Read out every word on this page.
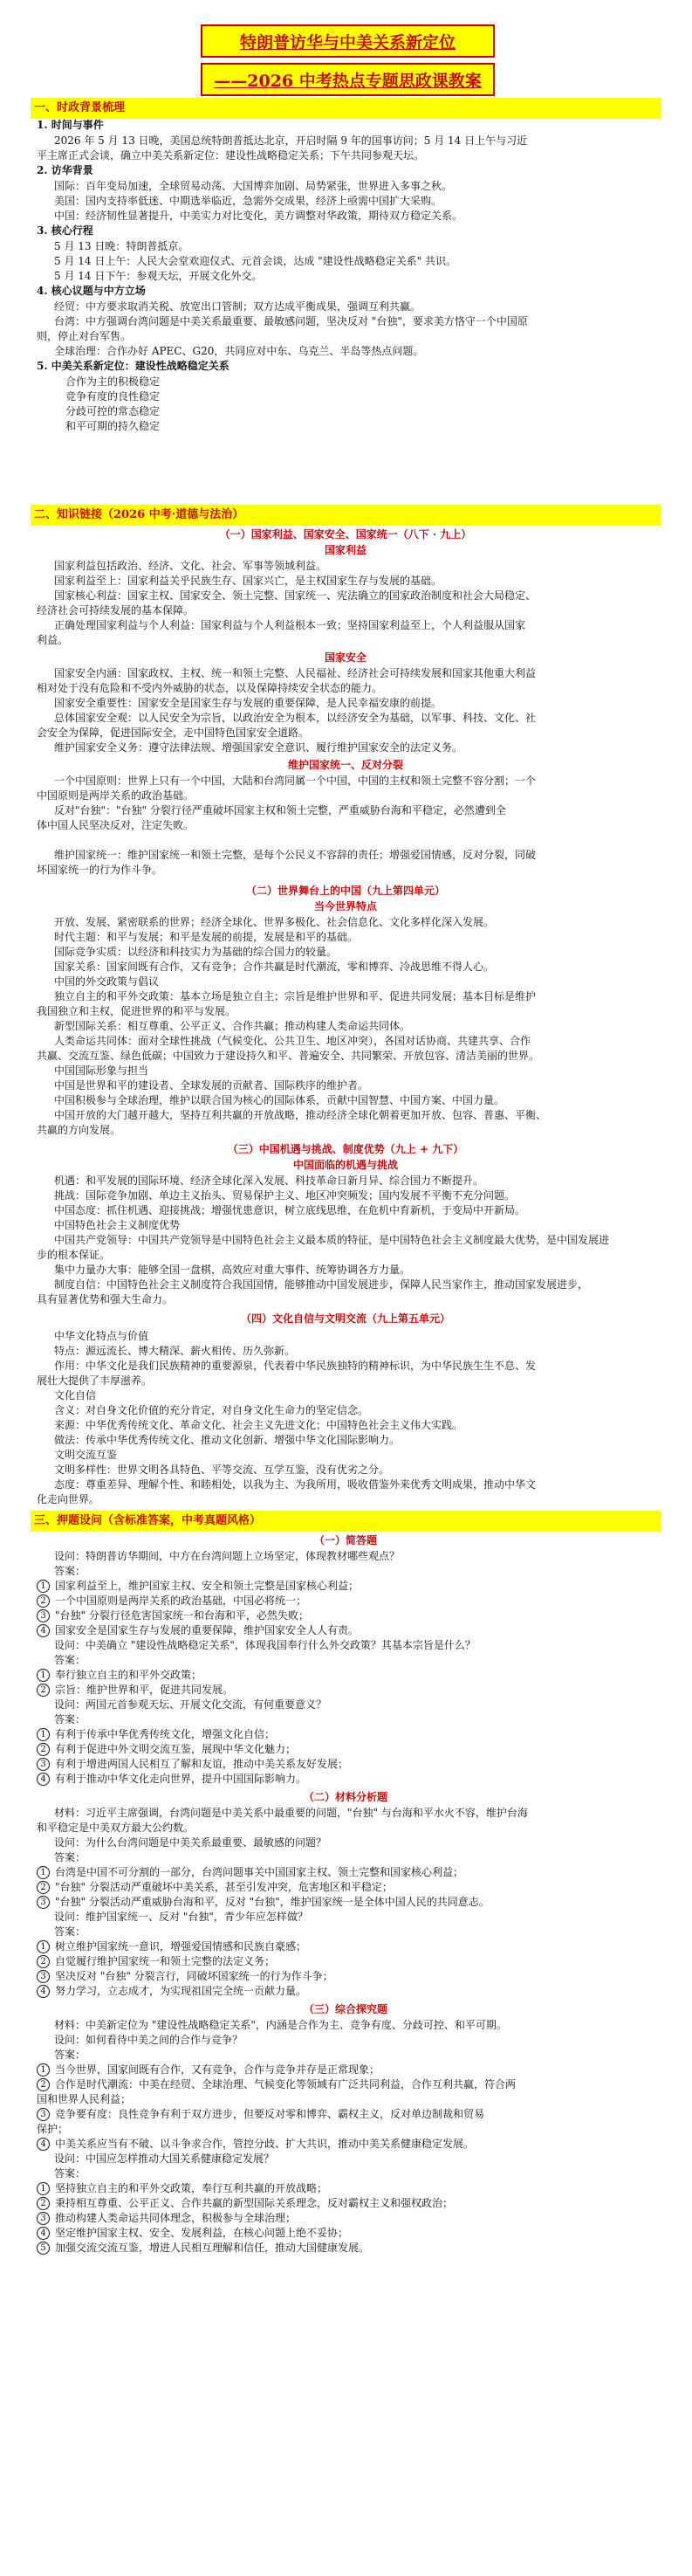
特朗普访华与中美关系新定位
——2026 中考热点专题思政课教案
一、时政背景梳理
1. 时间与事件
2026 年 5 月 13 日晚，美国总统特朗普抵达北京，开启时隔 9 年的国事访问；5 月 14 日上午与习近
平主席正式会谈，确立中美关系新定位：建设性战略稳定关系；下午共同参观天坛。
2. 访华背景
国际：百年变局加速，全球贸易动荡、大国博弈加剧、局势紧张，世界进入多事之秋。
美国：国内支持率低迷、中期选举临近，急需外交成果，经济上亟需中国扩大采购。
中国：经济韧性显著提升，中美实力对比变化，美方调整对华政策，期待双方稳定关系。
3. 核心行程
5 月 13 日晚：特朗普抵京。
5 月 14 日上午：人民大会堂欢迎仪式、元首会谈，达成 "建设性战略稳定关系" 共识。
5 月 14 日下午：参观天坛，开展文化外交。
4. 核心议题与中方立场
经贸：中方要求取消关税、放宽出口管制；双方达成平衡成果，强调互利共赢。
台湾：中方强调台湾问题是中美关系最重要、最敏感问题，坚决反对 "台独"，要求美方恪守一个中国原
则，停止对台军售。
全球治理：合作办好 APEC、G20，共同应对中东、乌克兰、半岛等热点问题。
5. 中美关系新定位：建设性战略稳定关系
合作为主的积极稳定
竞争有度的良性稳定
分歧可控的常态稳定
和平可期的持久稳定
二、知识链接（2026 中考·道德与法治）
（一）国家利益、国家安全、国家统一（八下 · 九上）
国家利益
国家利益包括政治、经济、文化、社会、军事等领域利益。
国家利益至上：国家利益关乎民族生存、国家兴亡，是主权国家生存与发展的基础。
国家核心利益：国家主权、国家安全、领土完整、国家统一、宪法确立的国家政治制度和社会大局稳定、
经济社会可持续发展的基本保障。
正确处理国家利益与个人利益：国家利益与个人利益根本一致；坚持国家利益至上，个人利益服从国家
利益。
国家安全
国家安全内涵：国家政权、主权、统一和领土完整、人民福祉、经济社会可持续发展和国家其他重大利益
相对处于没有危险和不受内外威胁的状态，以及保障持续安全状态的能力。
国家安全重要性：国家安全是国家生存与发展的重要保障，是人民幸福安康的前提。
总体国家安全观：以人民安全为宗旨，以政治安全为根本，以经济安全为基础，以军事、科技、文化、社
会安全为保障，促进国际安全，走中国特色国家安全道路。
维护国家安全义务：遵守法律法规、增强国家安全意识、履行维护国家安全的法定义务。
维护国家统一、反对分裂
一个中国原则：世界上只有一个中国，大陆和台湾同属一个中国，中国的主权和领土完整不容分割；一个
中国原则是两岸关系的政治基础。
反对"台独"："台独" 分裂行径严重破坏国家主权和领土完整，严重威胁台海和平稳定，必然遭到全
体中国人民坚决反对，注定失败。
维护国家统一：维护国家统一和领土完整，是每个公民义不容辞的责任；增强爱国情感，反对分裂，同破
坏国家统一的行为作斗争。
（二）世界舞台上的中国（九上第四单元）
当今世界特点
开放、发展、紧密联系的世界；经济全球化、世界多极化、社会信息化、文化多样化深入发展。
时代主题：和平与发展；和平是发展的前提，发展是和平的基础。
国际竞争实质：以经济和科技实力为基础的综合国力的较量。
国家关系：国家间既有合作，又有竞争；合作共赢是时代潮流，零和博弈、冷战思维不得人心。
中国的外交政策与倡议
独立自主的和平外交政策：基本立场是独立自主；宗旨是维护世界和平、促进共同发展；基本目标是维护
我国独立和主权，促进世界的和平与发展。
新型国际关系：相互尊重、公平正义、合作共赢；推动构建人类命运共同体。
人类命运共同体：面对全球性挑战（气候变化、公共卫生、地区冲突），各国对话协商、共建共享、合作
共赢、交流互鉴、绿色低碳；中国致力于建设持久和平、普遍安全、共同繁荣、开放包容、清洁美丽的世界。
中国国际形象与担当
中国是世界和平的建设者、全球发展的贡献者、国际秩序的维护者。
中国积极参与全球治理，维护以联合国为核心的国际体系，贡献中国智慧、中国方案、中国力量。
中国开放的大门越开越大，坚持互利共赢的开放战略，推动经济全球化朝着更加开放、包容、普惠、平衡、
共赢的方向发展。
（三）中国机遇与挑战、制度优势（九上 + 九下）
中国面临的机遇与挑战
机遇：和平发展的国际环境、经济全球化深入发展、科技革命日新月异、综合国力不断提升。
挑战：国际竞争加剧、单边主义抬头、贸易保护主义、地区冲突频发；国内发展不平衡不充分问题。
中国态度：抓住机遇、迎接挑战；增强忧患意识，树立底线思维，在危机中育新机，于变局中开新局。
中国特色社会主义制度优势
中国共产党领导：中国共产党领导是中国特色社会主义最本质的特征，是中国特色社会主义制度最大优势，是中国发展进
步的根本保证。
集中力量办大事：能够全国一盘棋，高效应对重大事件、统筹协调各方力量。
制度自信：中国特色社会主义制度符合我国国情，能够推动中国发展进步，保障人民当家作主，推动国家发展进步，
具有显著优势和强大生命力。
（四）文化自信与文明交流（九上第五单元）
中华文化特点与价值
特点：源远流长、博大精深、薪火相传、历久弥新。
作用：中华文化是我们民族精神的重要源泉，代表着中华民族独特的精神标识，为中华民族生生不息、发
展壮大提供了丰厚滋养。
文化自信
含义：对自身文化价值的充分肯定，对自身文化生命力的坚定信念。
来源：中华优秀传统文化、革命文化、社会主义先进文化；中国特色社会主义伟大实践。
做法：传承中华优秀传统文化、推动文化创新、增强中华文化国际影响力。
文明交流互鉴
文明多样性：世界文明各具特色、平等交流、互学互鉴，没有优劣之分。
态度：尊重差异、理解个性、和睦相处，以我为主、为我所用，吸收借鉴外来优秀文明成果，推动中华文
化走向世界。
三、押题设问（含标准答案，中考真题风格）
（一）简答题
设问：特朗普访华期间，中方在台湾问题上立场坚定，体现教材哪些观点？
答案：
1 国家利益至上，维护国家主权、安全和领土完整是国家核心利益；
2 一个中国原则是两岸关系的政治基础，中国必将统一；
3 "台独" 分裂行径危害国家统一和台海和平，必然失败；
4 国家安全是国家生存与发展的重要保障，维护国家安全人人有责。
设问：中美确立 "建设性战略稳定关系"，体现我国奉行什么外交政策？其基本宗旨是什么？
答案：
1 奉行独立自主的和平外交政策；
2 宗旨：维护世界和平，促进共同发展。
设问：两国元首参观天坛、开展文化交流，有何重要意义？
答案：
1 有利于传承中华优秀传统文化，增强文化自信；
2 有利于促进中外文明交流互鉴，展现中华文化魅力；
3 有利于增进两国人民相互了解和友谊，推动中美关系友好发展；
4 有利于推动中华文化走向世界，提升中国国际影响力。
（二）材料分析题
材料：习近平主席强调，台湾问题是中美关系中最重要的问题，"台独" 与台海和平水火不容，维护台海
和平稳定是中美双方最大公约数。
设问：为什么台湾问题是中美关系最重要、最敏感的问题？
答案：
1 台湾是中国不可分割的一部分，台湾问题事关中国国家主权、领土完整和国家核心利益；
2 "台独" 分裂活动严重破坏中美关系，甚至引发冲突，危害地区和平稳定；
3 "台独" 分裂活动严重威胁台海和平，反对 "台独"，维护国家统一是全体中国人民的共同意志。
设问：维护国家统一、反对 "台独"，青少年应怎样做？
答案：
1 树立维护国家统一意识，增强爱国情感和民族自豪感；
2 自觉履行维护国家统一和领土完整的法定义务；
3 坚决反对 "台独" 分裂言行，同破坏国家统一的行为作斗争；
4 努力学习，立志成才，为实现祖国完全统一贡献力量。
（三）综合探究题
材料：中美新定位为 "建设性战略稳定关系"，内涵是合作为主、竞争有度、分歧可控、和平可期。
设问：如何看待中美之间的合作与竞争？
答案：
1 当今世界，国家间既有合作，又有竞争，合作与竞争并存是正常现象；
2 合作是时代潮流：中美在经贸、全球治理、气候变化等领域有广泛共同利益，合作互利共赢，符合两
国和世界人民利益；
3 竞争要有度：良性竞争有利于双方进步，但要反对零和博弈、霸权主义，反对单边制裁和贸易
保护；
4 中美关系应当有不破、以斗争求合作，管控分歧、扩大共识，推动中美关系健康稳定发展。
设问：中国应怎样推动大国关系健康稳定发展？
答案：
1 坚持独立自主的和平外交政策，奉行互利共赢的开放战略；
2 秉持相互尊重、公平正义、合作共赢的新型国际关系理念，反对霸权主义和强权政治；
3 推动构建人类命运共同体理念，积极参与全球治理；
4 坚定维护国家主权、安全、发展利益，在核心问题上绝不妥协；
5 加强交流交流互鉴，增进人民相互理解和信任，推动大国健康发展。
